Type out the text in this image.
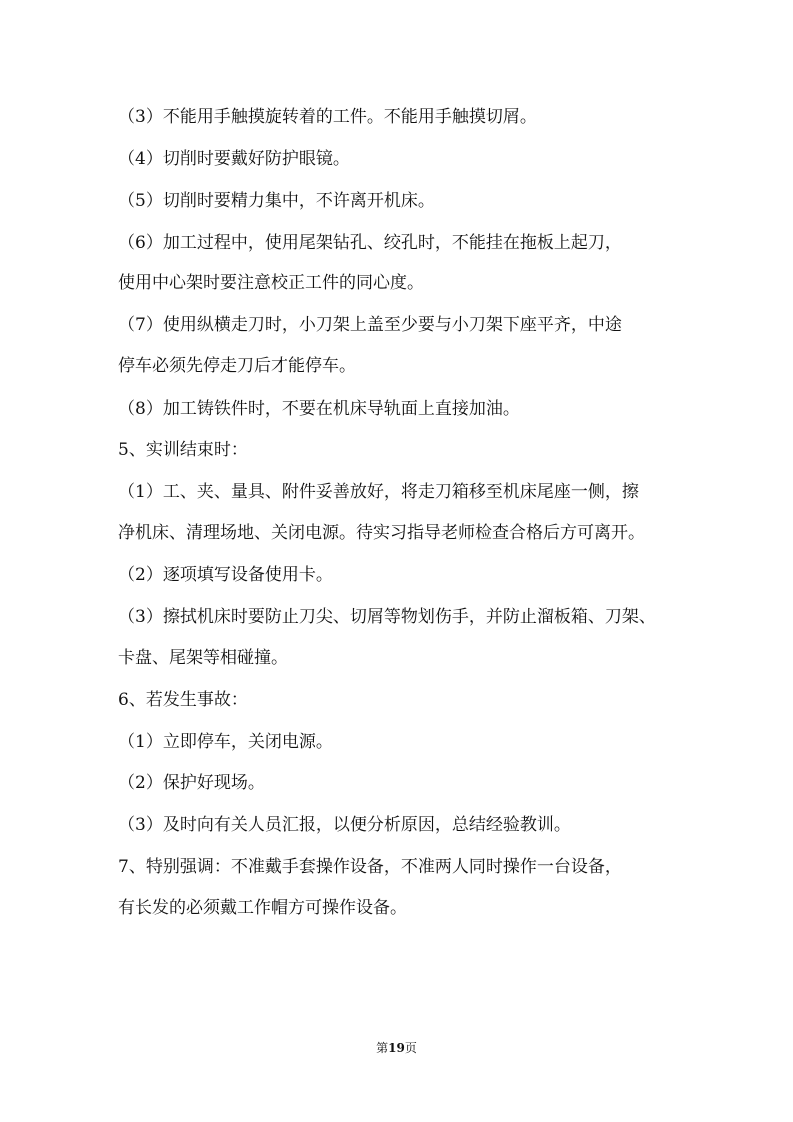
（3）不能用手触摸旋转着的工件。不能用手触摸切屑。
（4）切削时要戴好防护眼镜。
（5）切削时要精力集中，不许离开机床。
（6）加工过程中，使用尾架钻孔、绞孔时，不能挂在拖板上起刀，
使用中心架时要注意校正工件的同心度。
（7）使用纵横走刀时，小刀架上盖至少要与小刀架下座平齐，中途
停车必须先停走刀后才能停车。
（8）加工铸铁件时，不要在机床导轨面上直接加油。
5、实训结束时：
（1）工、夹、量具、附件妥善放好，将走刀箱移至机床尾座一侧，擦
净机床、清理场地、关闭电源。待实习指导老师检查合格后方可离开。
（2）逐项填写设备使用卡。
（3）擦拭机床时要防止刀尖、切屑等物划伤手，并防止溜板箱、刀架、
卡盘、尾架等相碰撞。
6、若发生事故：
（1）立即停车，关闭电源。
（2）保护好现场。
（3）及时向有关人员汇报，以便分析原因，总结经验教训。
7、特别强调：不准戴手套操作设备，不准两人同时操作一台设备，
有长发的必须戴工作帽方可操作设备。
第19页
